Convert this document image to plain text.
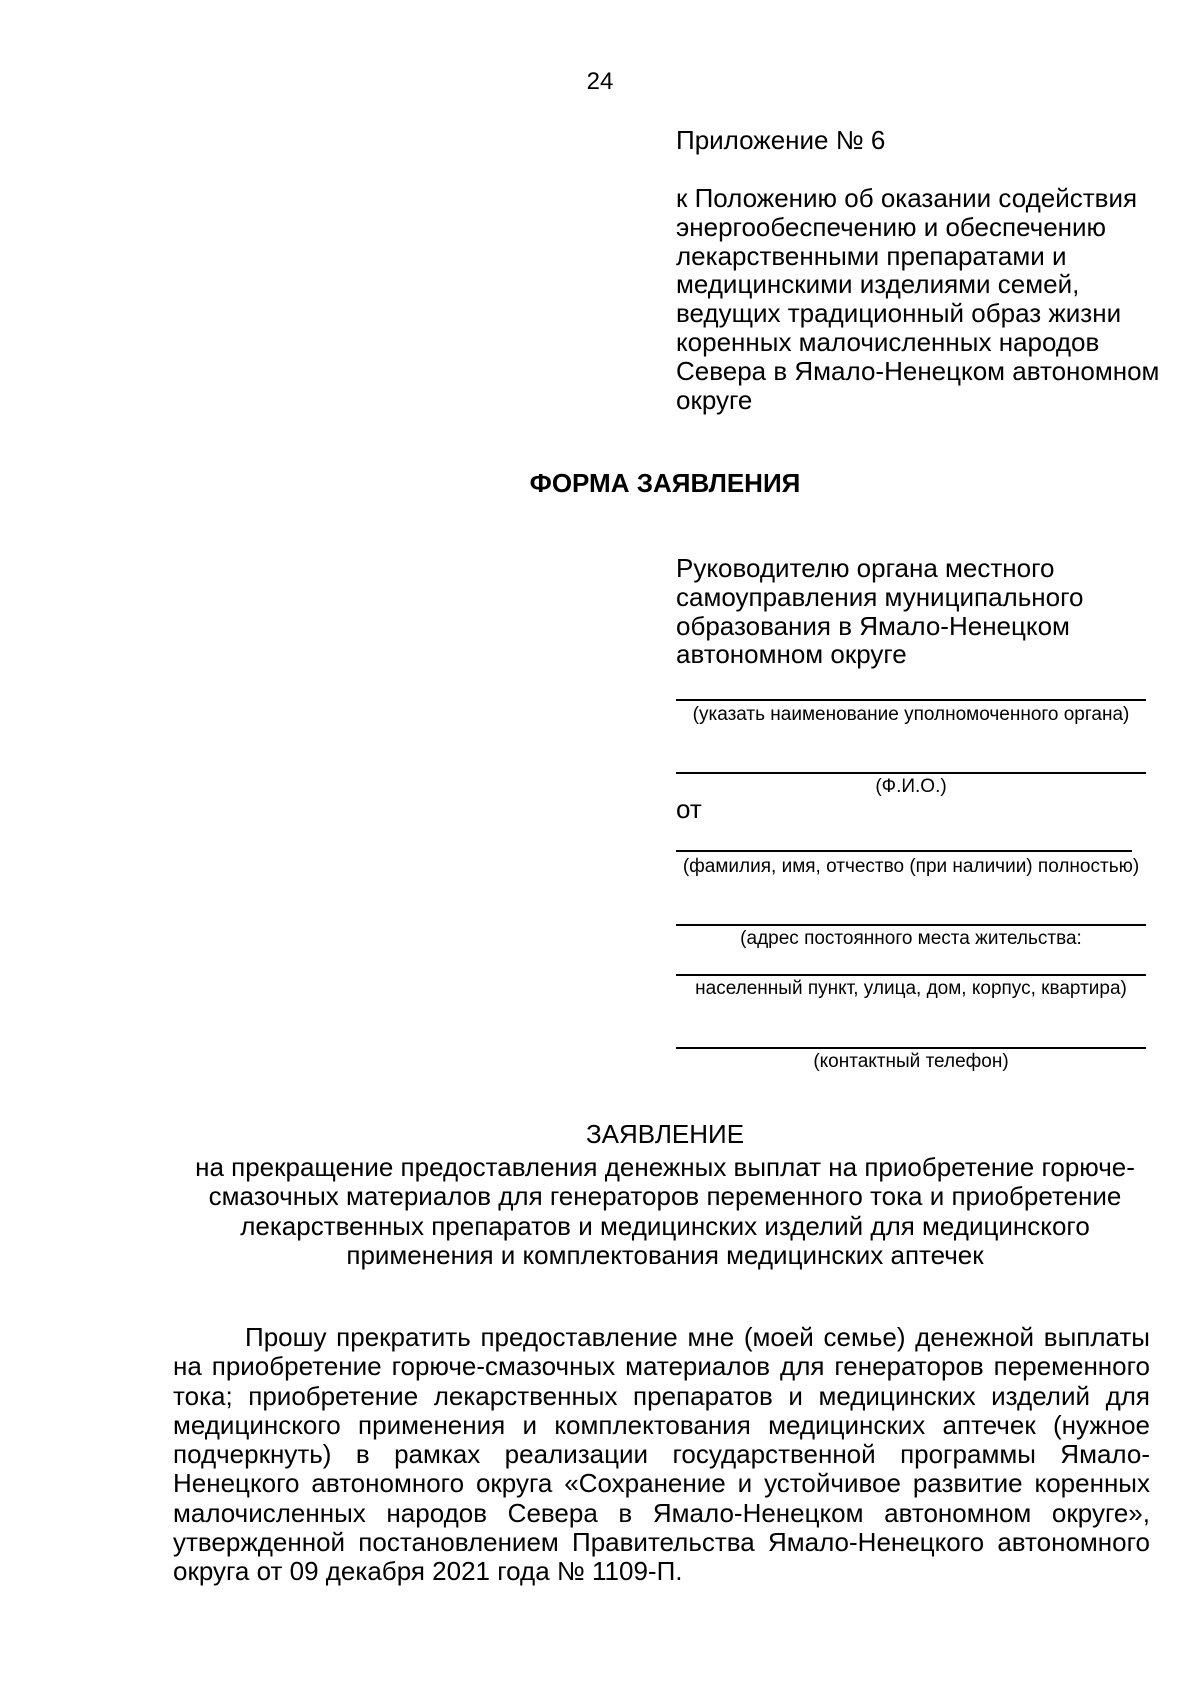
24
Приложение № 6

к Положению об оказании содействия энергообеспечению и обеспечению лекарственными препаратами и медицинскими изделиями семей, ведущих традиционный образ жизни коренных малочисленных народов Севера в Ямало-Ненецком автономном округе

ФОРМА ЗАЯВЛЕНИЯ
Руководителю органа местного самоуправления муниципального образования в Ямало-Ненецком автономном округе
(указать наименование уполномоченного органа)
(Ф.И.О.)
от
(фамилия, имя, отчество (при наличии) полностью)
(адрес постоянного места жительства:
населенный пункт, улица, дом, корпус, квартира)
(контактный телефон)
ЗАЯВЛЕНИЕ
на прекращение предоставления денежных выплат на приобретение горюче-смазочных материалов для генераторов переменного тока и приобретение лекарственных препаратов и медицинских изделий для медицинского применения и комплектования медицинских аптечек

Прошу прекратить предоставление мне (моей семье) денежной выплаты на приобретение горюче-смазочных материалов для генераторов переменного тока; приобретение лекарственных препаратов и медицинских изделий для медицинского применения и комплектования медицинских аптечек (нужное подчеркнуть) в рамках реализации государственной программы Ямало-Ненецкого автономного округа «Сохранение и устойчивое развитие коренных малочисленных народов Севера в Ямало-Ненецком автономном округе», утвержденной постановлением Правительства Ямало-Ненецкого автономного округа от 09 декабря 2021 года № 1109-П.
